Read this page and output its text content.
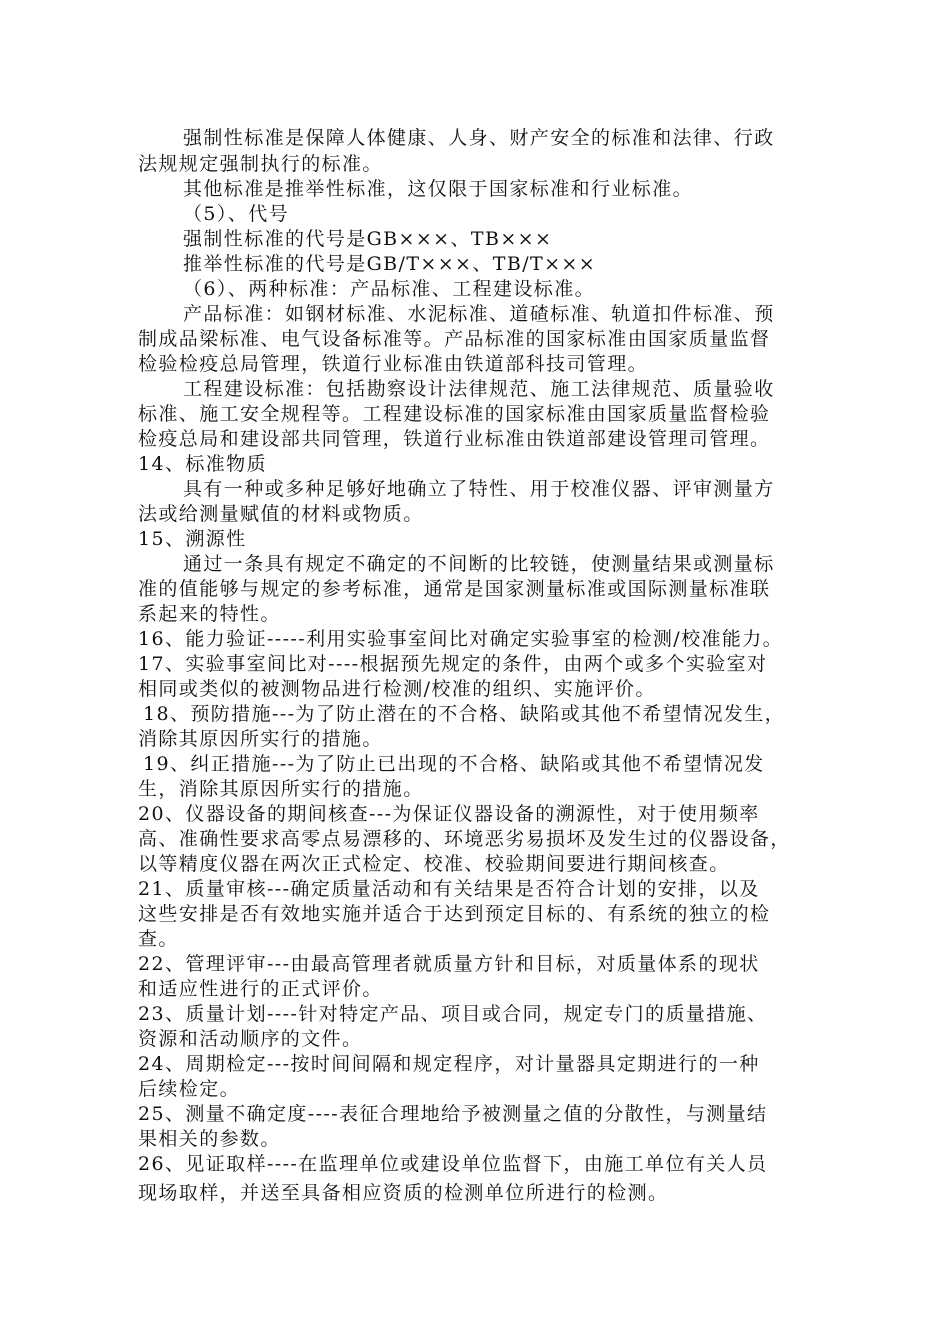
强制性标准是保障人体健康、人身、财产安全的标准和法律、行政
法规规定强制执行的标准。
其他标准是推举性标准，这仅限于国家标准和行业标准。
（5）、代号
强制性标准的代号是GB×××、TB×××
推举性标准的代号是GB/T×××、TB/T×××
（6）、两种标准：产品标准、工程建设标准。
产品标准：如钢材标准、水泥标准、道碴标准、轨道扣件标准、预
制成品梁标准、电气设备标准等。产品标准的国家标准由国家质量监督
检验检疫总局管理，铁道行业标准由铁道部科技司管理。
工程建设标准：包括勘察设计法律规范、施工法律规范、质量验收
标准、施工安全规程等。工程建设标准的国家标准由国家质量监督检验
检疫总局和建设部共同管理，铁道行业标准由铁道部建设管理司管理。
14、标准物质
具有一种或多种足够好地确立了特性、用于校准仪器、评审测量方
法或给测量赋值的材料或物质。
15、溯源性
通过一条具有规定不确定的不间断的比较链，使测量结果或测量标
准的值能够与规定的参考标准，通常是国家测量标准或国际测量标准联
系起来的特性。
16、能力验证-----利用实验事室间比对确定实验事室的检测/校准能力。
17、实验事室间比对----根据预先规定的条件，由两个或多个实验室对
相同或类似的被测物品进行检测/校准的组织、实施评价。
18、预防措施---为了防止潜在的不合格、缺陷或其他不希望情况发生，
消除其原因所实行的措施。
19、纠正措施---为了防止已出现的不合格、缺陷或其他不希望情况发
生，消除其原因所实行的措施。
20、仪器设备的期间核查---为保证仪器设备的溯源性，对于使用频率
高、准确性要求高零点易漂移的、环境恶劣易损坏及发生过的仪器设备，
以等精度仪器在两次正式检定、校准、校验期间要进行期间核查。
21、质量审核---确定质量活动和有关结果是否符合计划的安排，以及
这些安排是否有效地实施并适合于达到预定目标的、有系统的独立的检
查。
22、管理评审---由最高管理者就质量方针和目标，对质量体系的现状
和适应性进行的正式评价。
23、质量计划----针对特定产品、项目或合同，规定专门的质量措施、
资源和活动顺序的文件。
24、周期检定---按时间间隔和规定程序，对计量器具定期进行的一种
后续检定。
25、测量不确定度----表征合理地给予被测量之值的分散性，与测量结
果相关的参数。
26、见证取样----在监理单位或建设单位监督下，由施工单位有关人员
现场取样，并送至具备相应资质的检测单位所进行的检测。
